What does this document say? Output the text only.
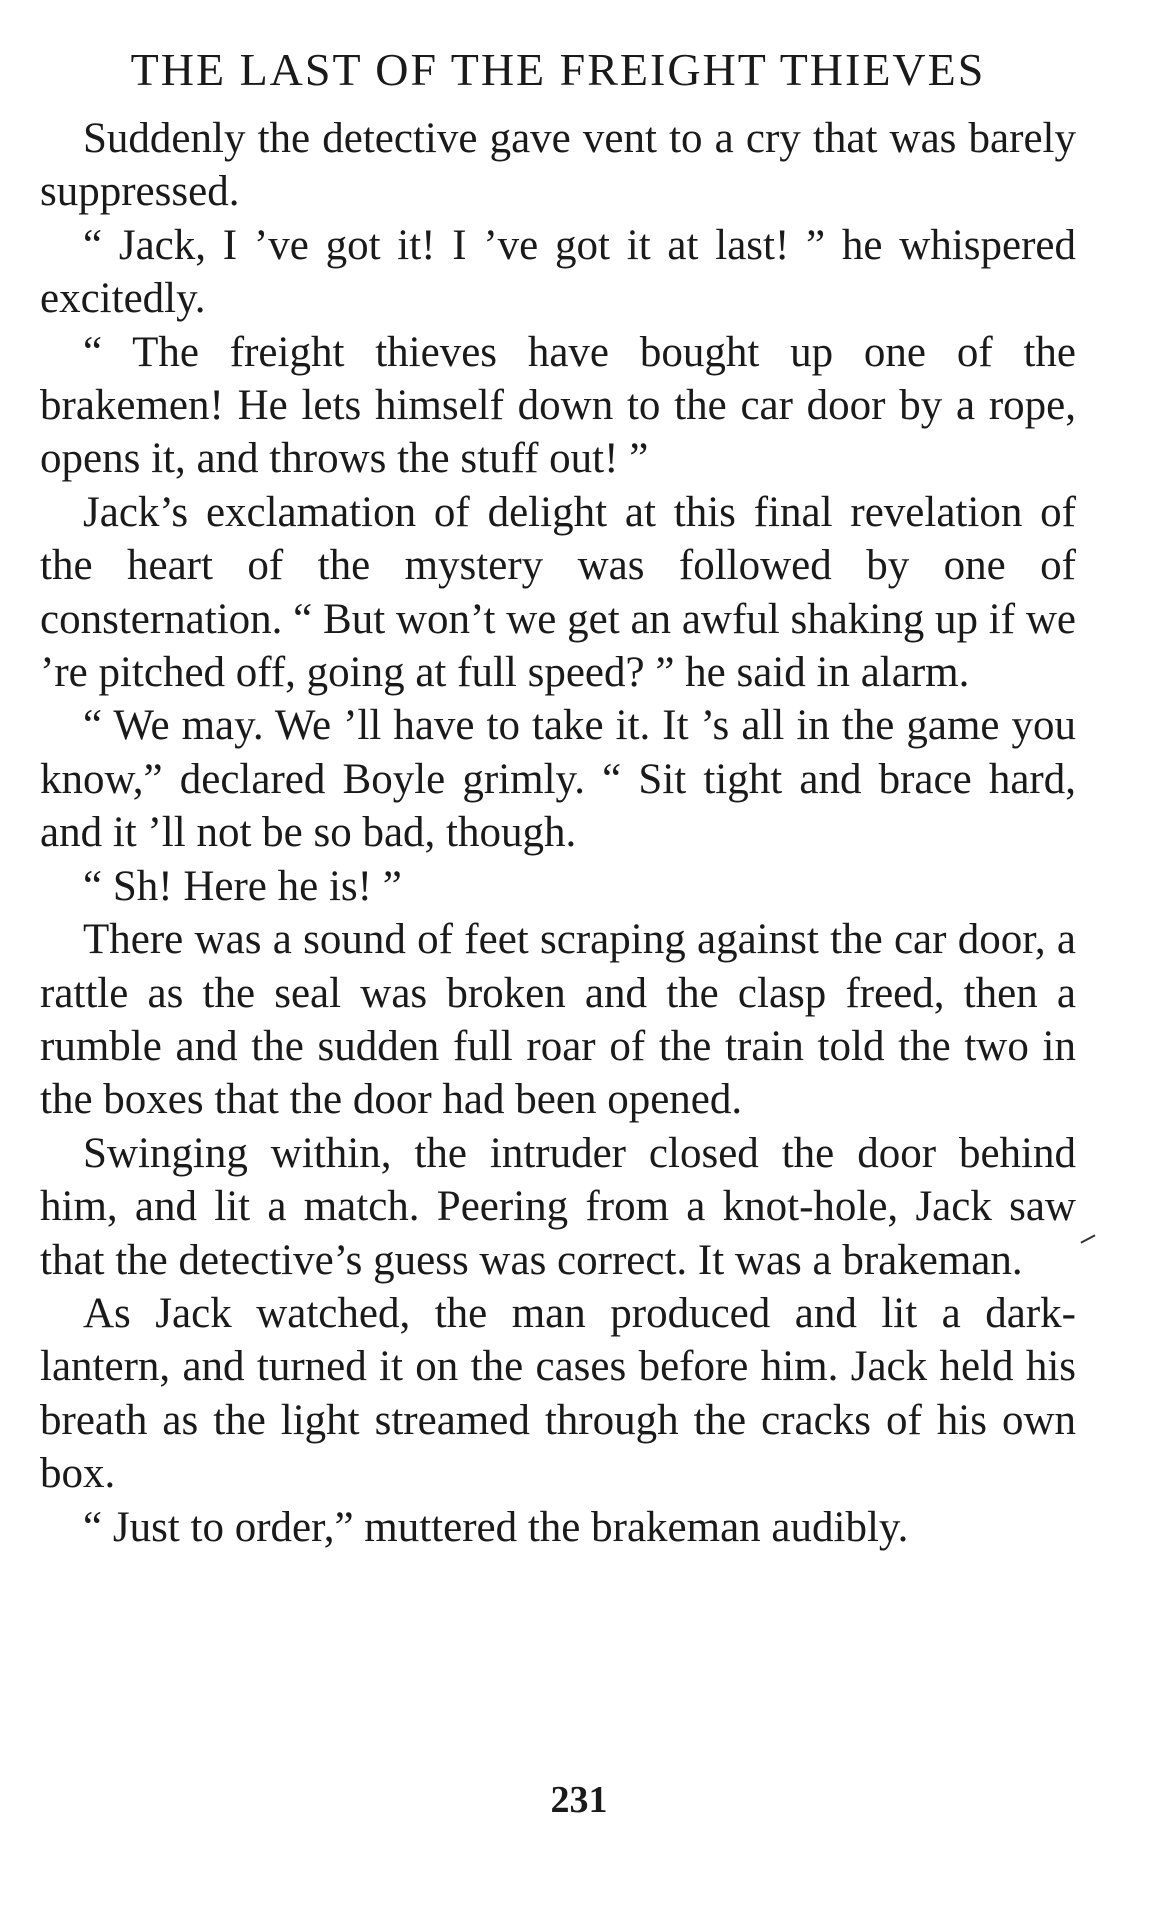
THE LAST OF THE FREIGHT THIEVES

Suddenly the detective gave vent to a cry that was barely suppressed.

“ Jack, I ’ve got it! I ’ve got it at last! ” he whispered excitedly.

“ The freight thieves have bought up one of the brakemen! He lets himself down to the car door by a rope, opens it, and throws the stuff out! ”

Jack’s exclamation of delight at this final revelation of the heart of the mystery was followed by one of consternation. “ But won’t we get an awful shaking up if we ’re pitched off, going at full speed? ” he said in alarm.

“ We may. We ’ll have to take it. It ’s all in the game you know,” declared Boyle grimly. “ Sit tight and brace hard, and it ’ll not be so bad, though.

“ Sh! Here he is! ”

There was a sound of feet scraping against the car door, a rattle as the seal was broken and the clasp freed, then a rumble and the sudden full roar of the train told the two in the boxes that the door had been opened.

Swinging within, the intruder closed the door behind him, and lit a match. Peering from a knot-hole, Jack saw that the detective’s guess was correct. It was a brakeman.

As Jack watched, the man produced and lit a dark-lantern, and turned it on the cases before him. Jack held his breath as the light streamed through the cracks of his own box.

“ Just to order,” muttered the brakeman audibly.

231
